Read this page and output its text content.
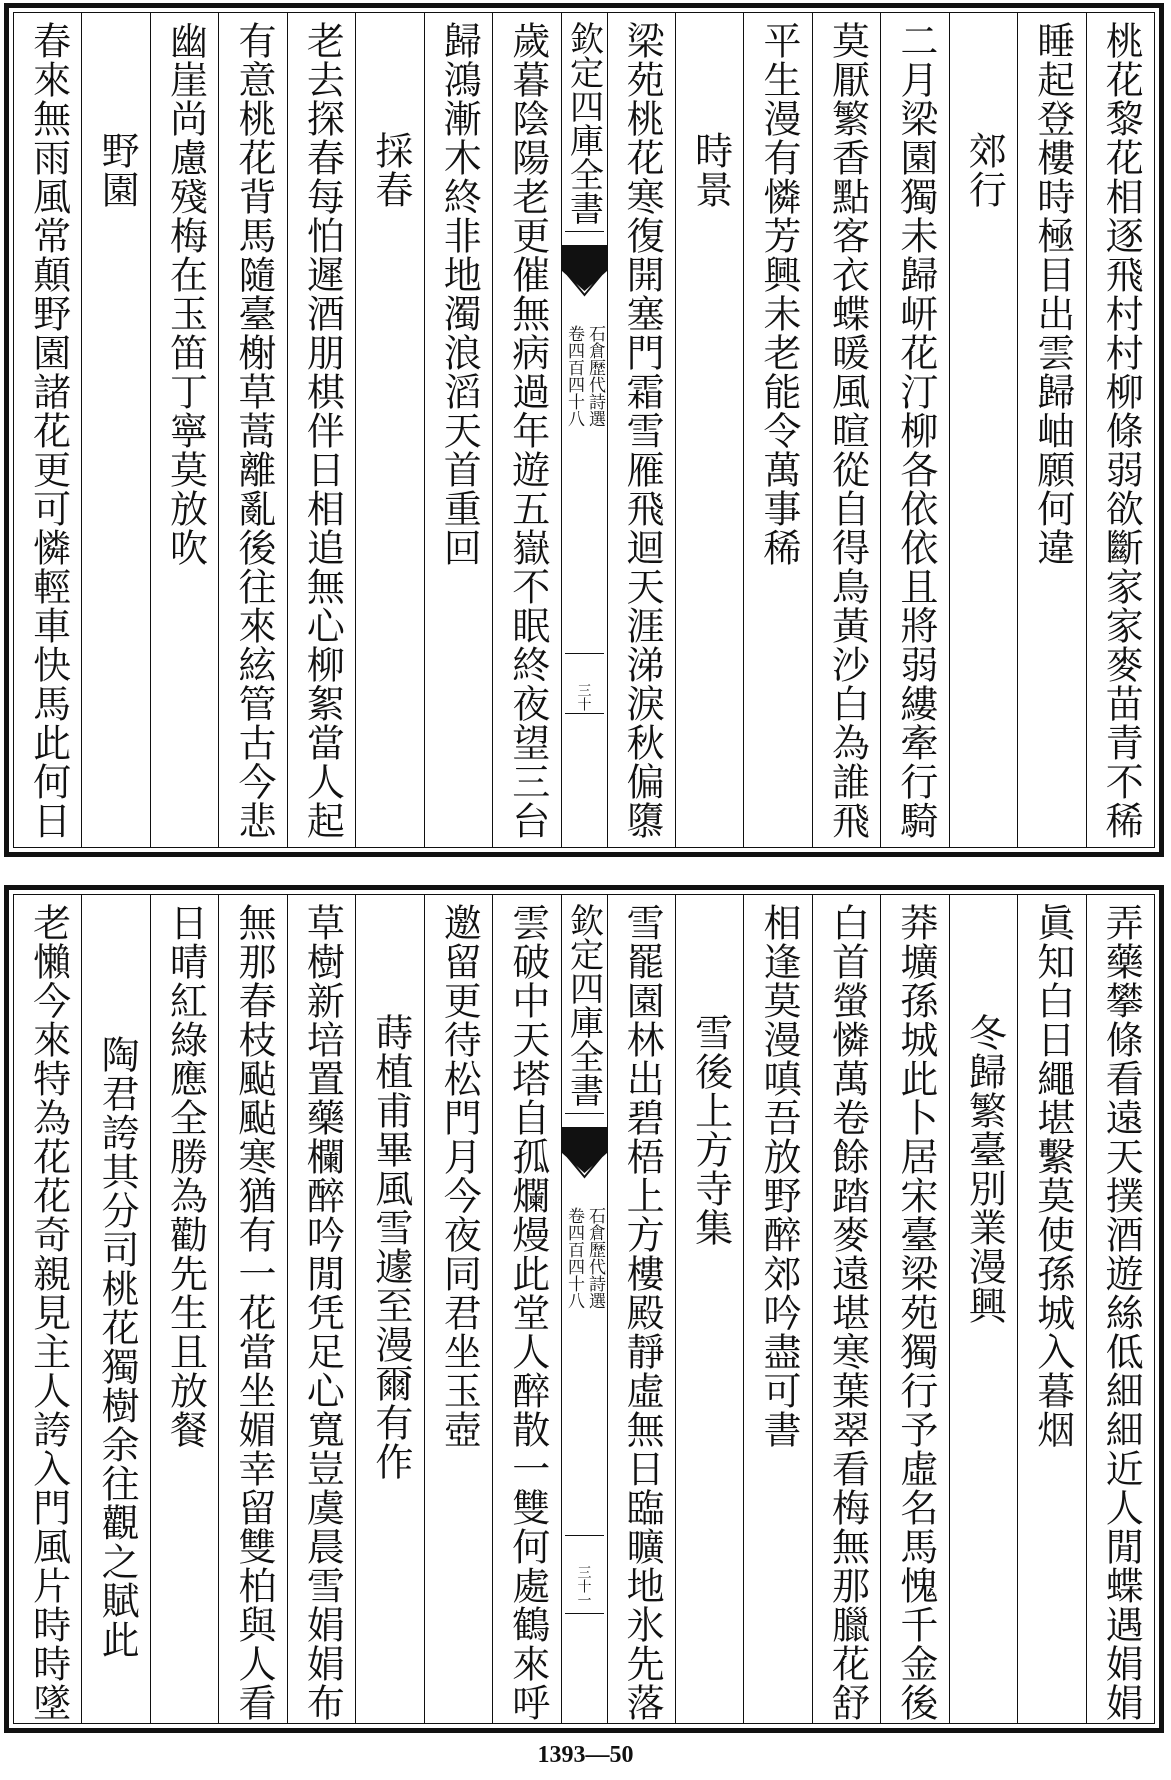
桃花黎花相逐飛村村柳條弱欲斷家家麥苗青不稀
睡起登樓時極目出雲歸岫願何違
郊行
二月梁園獨未歸岍花汀柳各依依且將弱縷牽行騎
莫厭繁香點客衣蝶暖風暄從自得鳥黃沙白為誰飛
平生漫有憐芳興未老能令萬事稀
時景
梁苑桃花寒復開塞門霜雪雁飛迴天涯涕淚秋偏隳
欽定四庫全書
石倉歷代詩選
卷四百四十八
三十
歲暮陰陽老更催無病過年遊五嶽不眠終夜望三台
歸鴻漸木終非地濁浪滔天首重回
採春
老去探春每怕遲酒朋棋伴日相追無心柳絮當人起
有意桃花背馬隨臺榭草蒿離亂後往來絃管古今悲
幽崖尚慮殘梅在玉笛丁寧莫放吹
野園
春來無雨風常顛野園諸花更可憐輕車快馬此何日
弄藥攀條看遠天撲酒遊絲低細細近人閒蝶遇娟娟
眞知白日繩堪繫莫使孫城入暮烟
冬歸繁臺別業漫興
莽壙孫城此卜居宋臺梁苑獨行予虛名馬愧千金後
白首螢憐萬卷餘踏麥遠堪寒葉翠看梅無那臘花舒
相逢莫漫嗔吾放野醉郊吟盡可書
雪後上方寺集
雪罷園林出碧梧上方樓殿靜虛無日臨曠地氷先落
欽定四庫全書
石倉歷代詩選
卷四百四十八
三十一
雲破中天塔自孤爛熳此堂人醉散一雙何處鶴來呼
邀留更待松門月今夜同君坐玉壺
蒔植甫畢風雪遽至漫爾有作
草樹新培置藥欄醉吟閒凭足心寬豈虞晨雪娟娟布
無那春枝颭颭寒猶有一花當坐媚幸留雙柏與人看
日晴紅綠應全勝為勸先生且放餐
陶君誇其分司桃花獨樹余往觀之賦此
老懶今來特為花花奇親見主人誇入門風片時時墜
1393—50
